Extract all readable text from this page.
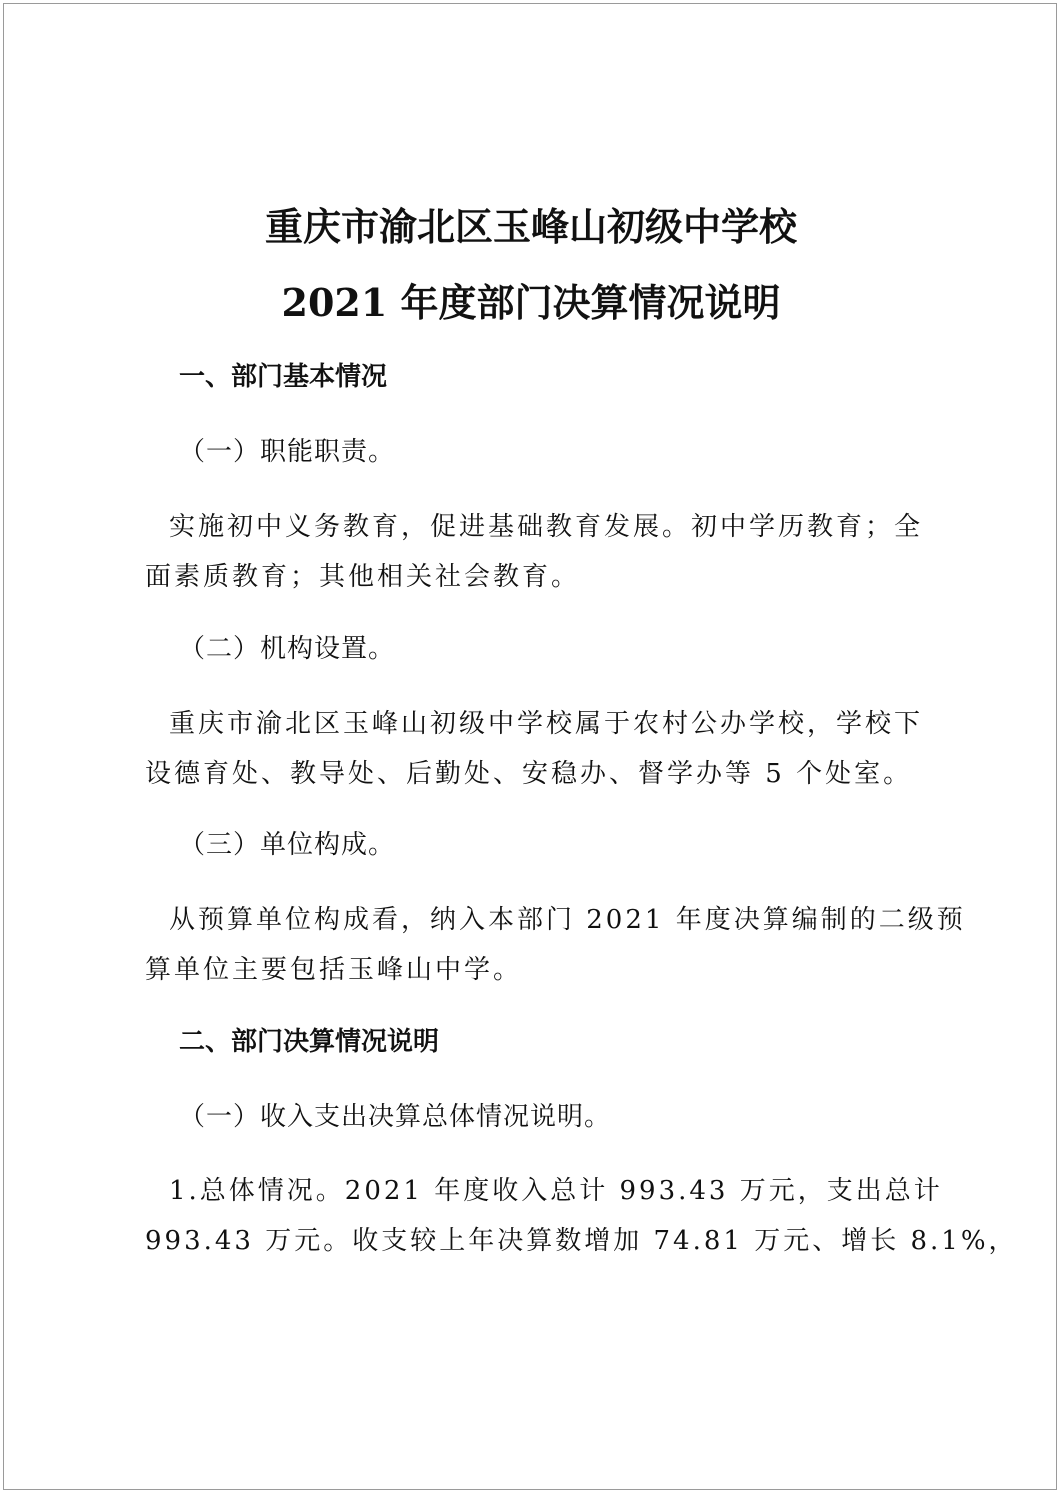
重庆市渝北区玉峰山初级中学校
2021 年度部门决算情况说明
一、部门基本情况
（一）职能职责。
实施初中义务教育，促进基础教育发展。初中学历教育；全
面素质教育；其他相关社会教育。
（二）机构设置。
重庆市渝北区玉峰山初级中学校属于农村公办学校，学校下
设德育处、教导处、后勤处、安稳办、督学办等 5 个处室。
（三）单位构成。
从预算单位构成看，纳入本部门 2021 年度决算编制的二级预
算单位主要包括玉峰山中学。
二、部门决算情况说明
（一）收入支出决算总体情况说明。
1.总体情况。2021 年度收入总计 993.43 万元，支出总计
993.43 万元。收支较上年决算数增加 74.81 万元、增长 8.1%，
